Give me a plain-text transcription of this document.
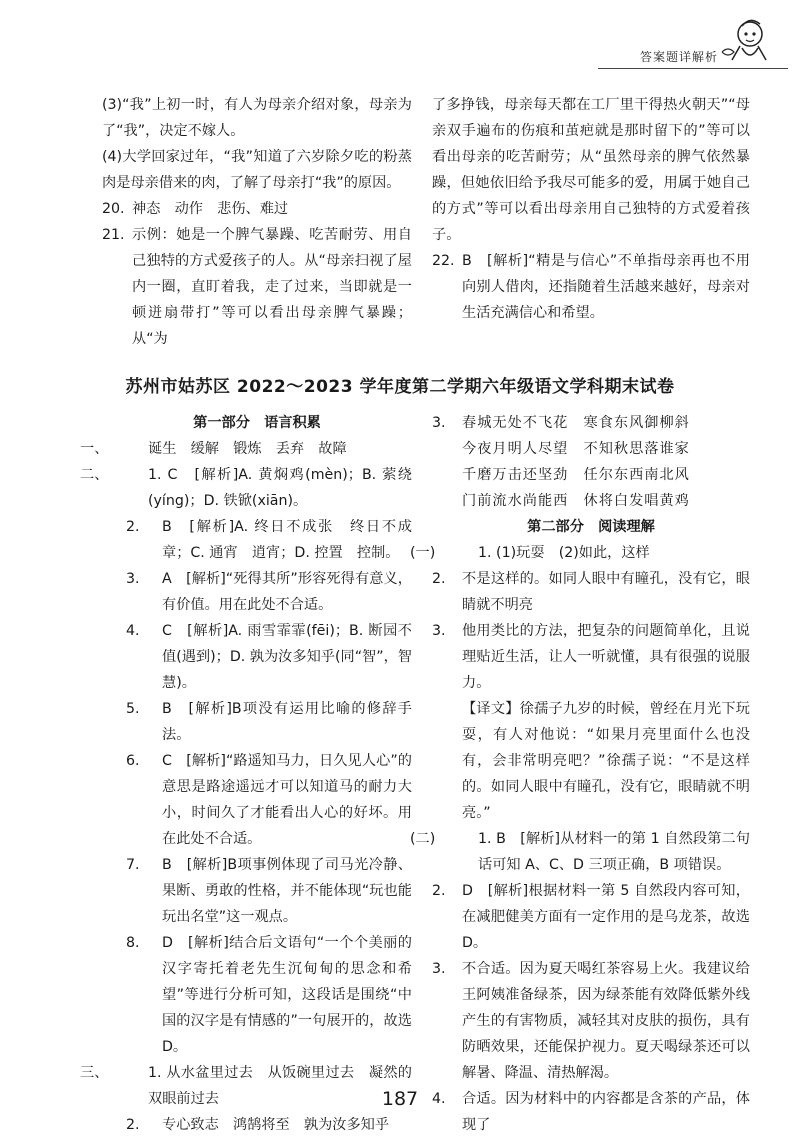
答案题详解析

(3)“我”上初一时，有人为母亲介绍对象，母亲为了“我”，决定不嫁人。

(4)大学回家过年，“我”知道了六岁除夕吃的粉蒸肉是母亲借来的肉，了解了母亲打“我”的原因。

20. 神态　动作　悲伤、难过

21. 示例：她是一个脾气暴躁、吃苦耐劳、用自己独特的方式爱孩子的人。从“母亲扫视了屋内一圈，直盯着我，走了过来，当即就是一顿迸扇带打”等可以看出母亲脾气暴躁；从“为

了多挣钱，母亲每天都在工厂里干得热火朝天”“母亲双手遍布的伤痕和茧疤就是那时留下的”等可以看出母亲的吃苦耐劳；从“虽然母亲的脾气依然暴躁，但她依旧给予我尽可能多的爱，用属于她自己的方式”等可以看出母亲用自己独特的方式爱着孩子。

22. B　[解析]“精是与信心”不单指母亲再也不用向别人借肉，还指随着生活越来越好，母亲对生活充满信心和希望。

苏州市姑苏区 2022～2023 学年度第二学期六年级语文学科期末试卷

第一部分　语言积累

一、	诞生　缓解　锻炼　丢弃　故障

二、	1. C　[解析]A. 黄焖鸡(mèn)；B. 萦绕(yíng)；D. 铁锨(xiān)。

2. B　[解析]A. 终日不成张　终日不成章；C. 通宵　逍宵；D. 控置　控制。

3. A　[解析]“死得其所”形容死得有意义，有价值。用在此处不合适。

4. C　[解析]A. 雨雪霏霏(fēi)；B. 断园不值(遇到)；D. 孰为汝多知乎(同“智”，智慧)。

5. B　[解析]B项没有运用比喻的修辞手法。

6. C　[解析]“路遥知马力，日久见人心”的意思是路途遥远才可以知道马的耐力大小，时间久了才能看出人心的好坏。用在此处不合适。

7. B　[解析]B项事例体现了司马光冷静、果断、勇敢的性格，并不能体现“玩也能玩出名堂”这一观点。

8. D　[解析]结合后文语句“一个个美丽的汉字寄托着老先生沉甸甸的思念和希望”等进行分析可知，这段话是围绕“中国的汉字是有情感的”一句展开的，故选 D。

三、	1. 从水盆里过去　从饭碗里过去　凝然的双眼前过去

2. 专心致志　鸿鹄将至　孰为汝多知乎

3.	春城无处不飞花　寒食东风御柳斜

今夜月明人尽望　不知秋思落谁家

千磨万击还坚劲　任尔东西南北风

门前流水尚能西　休将白发唱黄鸡

第二部分　阅读理解

(一)	1. (1)玩耍　(2)如此，这样

2. 不是这样的。如同人眼中有瞳孔，没有它，眼睛就不明亮

3. 他用类比的方法，把复杂的问题简单化，且说理贴近生活，让人一听就懂，具有很强的说服力。

【译文】徐孺子九岁的时候，曾经在月光下玩耍，有人对他说：“如果月亮里面什么也没有，会非常明亮吧？”徐孺子说：“不是这样的。如同人眼中有瞳孔，没有它，眼睛就不明亮。”

(二)	1. B　[解析]从材料一的第 1 自然段第二句话可知 A、C、D 三项正确，B 项错误。

2. D　[解析]根据材料一第 5 自然段内容可知，在减肥健美方面有一定作用的是乌龙茶，故选 D。

3. 不合适。因为夏天喝红茶容易上火。我建议给王阿姨准备绿茶，因为绿茶能有效降低紫外线产生的有害物质，减轻其对皮肤的损伤，具有防晒效果，还能保护视力。夏天喝绿茶还可以解暑、降温、清热解渴。

4. 合适。因为材料中的内容都是含茶的产品，体现了

187
